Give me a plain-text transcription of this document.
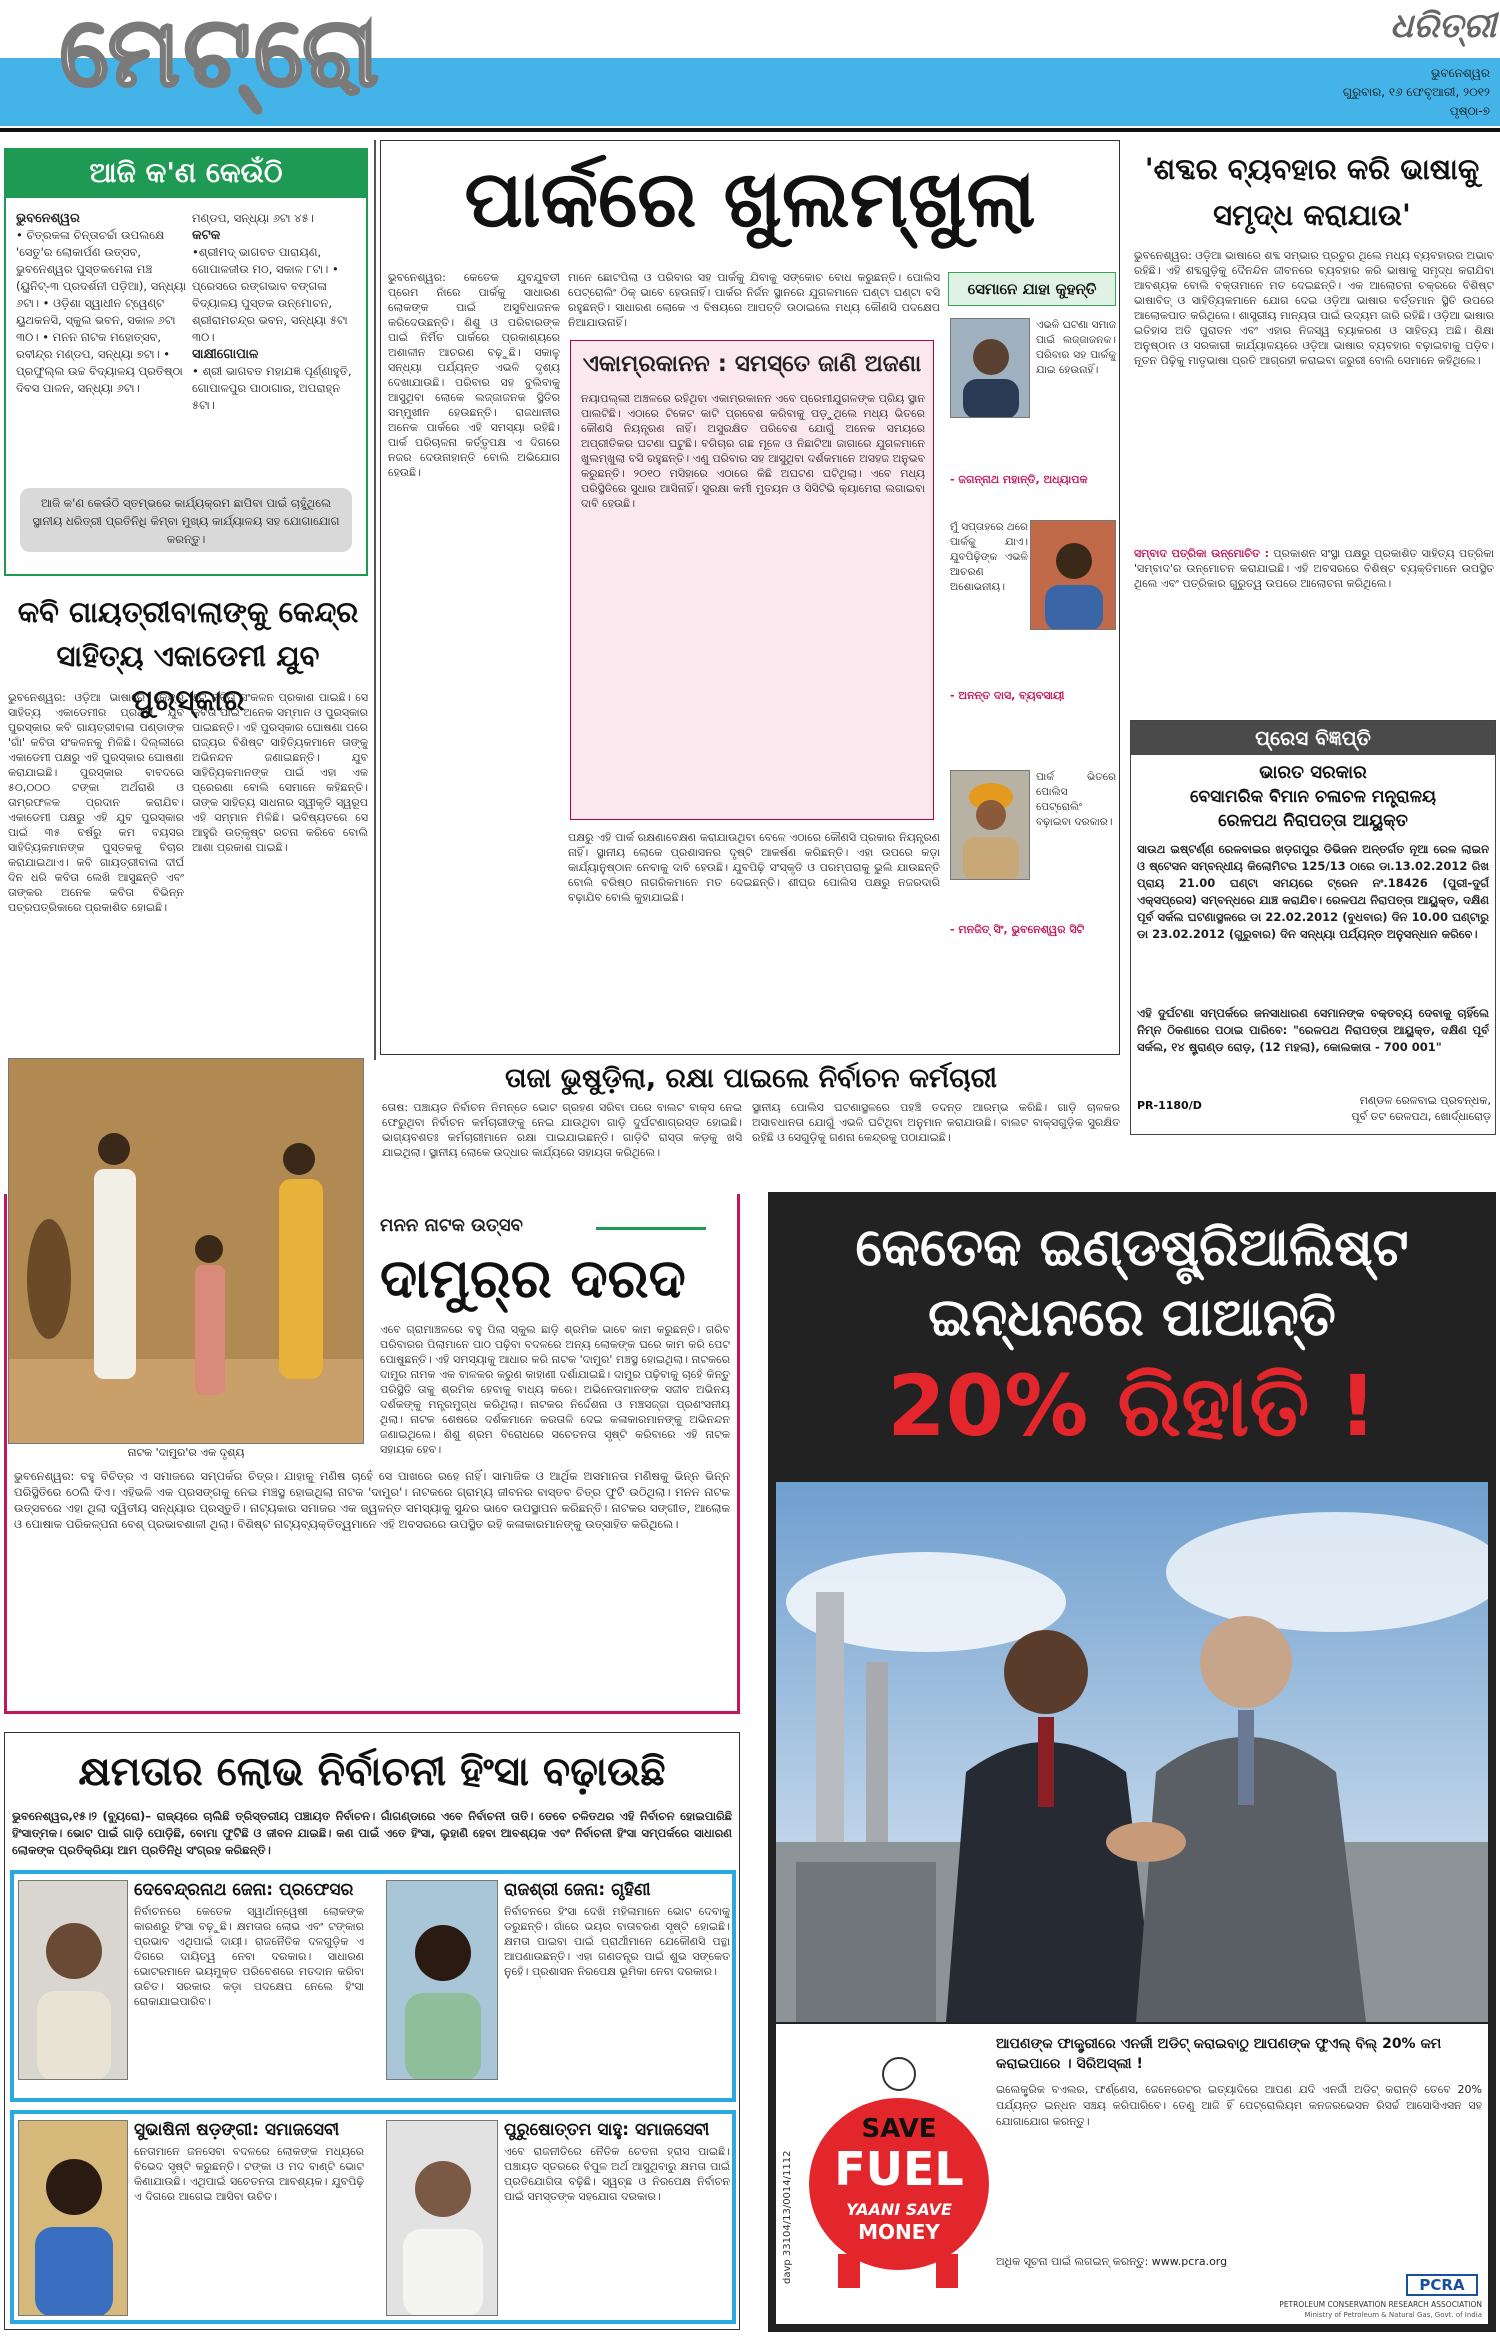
ମେଟ୍ରୋ	ଧରିତ୍ରୀ
ଭୁବନେଶ୍ୱର
ଗୁରୁବାର, ୧୬ ଫେବୃଆରୀ, ୨୦୧୨
ପୃଷ୍ଠା-୭
ଆଜି କ'ଣ କେଉଁଠି
ଭୁବନେଶ୍ୱର
• ଚିତ୍ରକଳା ଚିନ୍ତାଚର୍ଚ୍ଚା ଉପଲକ୍ଷେ 'ସେତୁ'ର ଲୋକାର୍ପଣ ଉତ୍ସବ, ଭୁବନେଶ୍ୱର ପୁସ୍ତକମେଳା ମଞ୍ଚ (ୟୁନିଟ୍-୩ ପ୍ରଦର୍ଶନୀ ପଡ଼ିଆ), ସନ୍ଧ୍ୟା ୬ଟା। • ଓଡ଼ିଶା ସ୍ୱାଧୀନ ଟ୍ୱେଣ୍ଟ ୟୁଥକନସି, ସ୍କୁଲ ଭବନ, ସକାଳ ୬ଟା ୩୦। • ମନନ ନାଟକ ମହୋତ୍ସବ, ରବୀନ୍ଦ୍ର ମଣ୍ଡପ, ସନ୍ଧ୍ୟା ୭ଟା। • ପ୍ରଫୁଲ୍ଲ ଉଚ୍ଚ ବିଦ୍ୟାଳୟ ପ୍ରତିଷ୍ଠା ଦିବସ ପାଳନ, ସନ୍ଧ୍ୟା ୬ଟା।
ମଣ୍ଡପ, ସନ୍ଧ୍ୟା ୬ଟା ୪୫।
କଟକ
•ଶ୍ରୀମଦ୍ ଭାଗବତ ପାରାୟଣ, ଗୋପାଳଜୀଉ ମଠ, ସକାଳ ୮ଟା। • ପ୍ରେସରେ ରଙ୍ଗଭାବ ବଙ୍ଗଳା ବିଦ୍ୟାଳୟ ପୁସ୍ତକ ଉନ୍ମୋଚନ, ଶ୍ରୀରାମଚନ୍ଦ୍ର ଭବନ, ସନ୍ଧ୍ୟା ୫ଟା ୩୦।
ସାକ୍ଷୀଗୋପାଳ
• ଶ୍ରୀ ଭାଗବତ ମହାଯଜ୍ଞ ପୂର୍ଣ୍ଣାହୁତି, ଗୋପାଳପୁର ପାଠାଗାର, ଅପରାହ୍ନ ୫ଟା।
ଆଜି କ'ଣ କେଉଁଠି ସ୍ତମ୍ଭରେ କାର୍ଯ୍ୟକ୍ରମ ଛାପିବା ପାଇଁ ଚାହୁଁଥିଲେ ସ୍ଥାନୀୟ ଧରିତ୍ରୀ ପ୍ରତିନିଧି କିମ୍ବା ମୁଖ୍ୟ କାର୍ଯ୍ୟାଳୟ ସହ ଯୋଗାଯୋଗ କରନ୍ତୁ।
କବି ଗାୟତ୍ରୀବାଲାଙ୍କୁ କେନ୍ଦ୍ର ସାହିତ୍ୟ ଏକାଡେମୀ ଯୁବ ପୁରସ୍କାର
ଭୁବନେଶ୍ୱର: ଓଡ଼ିଆ ଭାଷାରେ କେନ୍ଦ୍ର ସାହିତ୍ୟ ଏକାଡେମୀର ପ୍ରଥମ ଯୁବ ପୁରସ୍କାର କବି ଗାୟତ୍ରୀବାଳା ପଣ୍ଡାଙ୍କ 'ଗାଁ' କବିତା ସଂକଳନକୁ ମିଳିଛି। ଦିଲ୍ଲୀରେ ଏକାଡେମୀ ପକ୍ଷରୁ ଏହି ପୁରସ୍କାର ଘୋଷଣା କରାଯାଇଛି। ପୁରସ୍କାର ବାବଦରେ ୫୦,୦୦୦ ଟଙ୍କା ଅର୍ଥରାଶି ଓ ତାମ୍ରଫଳକ ପ୍ରଦାନ କରାଯିବ। ଏକାଡେମୀ ପକ୍ଷରୁ ଏହି ଯୁବ ପୁରସ୍କାର ପାଇଁ ୩୫ ବର୍ଷରୁ କମ ବୟସର ସାହିତ୍ୟିକମାନଙ୍କ ପୁସ୍ତକକୁ ବିଚାର କରାଯାଇଥାଏ। କବି ଗାୟତ୍ରୀବାଳା ଦୀର୍ଘ ଦିନ ଧରି କବିତା ଲେଖି ଆସୁଛନ୍ତି ଏବଂ ତାଙ୍କର ଅନେକ କବିତା ବିଭିନ୍ନ ପତ୍ରପତ୍ରିକାରେ ପ୍ରକାଶିତ ହୋଇଛି।
୫ଟି କବିତା ସଂକଳନ ପ୍ରକାଶ ପାଇଛି। ସେ କବିତା ପାଇଁ ଅନେକ ସମ୍ମାନ ଓ ପୁରସ୍କାର ପାଇଛନ୍ତି। ଏହି ପୁରସ୍କାର ଘୋଷଣା ପରେ ରାଜ୍ୟର ବିଶିଷ୍ଟ ସାହିତ୍ୟିକମାନେ ତାଙ୍କୁ ଅଭିନନ୍ଦନ ଜଣାଇଛନ୍ତି। ଯୁବ ସାହିତ୍ୟିକମାନଙ୍କ ପାଇଁ ଏହା ଏକ ପ୍ରେରଣା ବୋଲି ସେମାନେ କହିଛନ୍ତି। ତାଙ୍କ ସାହିତ୍ୟ ସାଧନାର ସ୍ୱୀକୃତି ସ୍ୱରୂପ ଏହି ସମ୍ମାନ ମିଳିଛି। ଭବିଷ୍ୟତରେ ସେ ଆହୁରି ଉତ୍କୃଷ୍ଟ ରଚନା କରିବେ ବୋଲି ଆଶା ପ୍ରକାଶ ପାଇଛି।
ପାର୍କରେ ଖୁଲମ୍ଖୁଲା
ଭୁବନେଶ୍ୱର: କେତେକ ଯୁବଯୁବତୀ ପ୍ରେମ ନାଁରେ ପାର୍କକୁ ସାଧାରଣ ଲୋକଙ୍କ ପାଇଁ ଅସୁବିଧାଜନକ କରିଦେଉଛନ୍ତି। ଶିଶୁ ଓ ପରିବାରଙ୍କ ପାଇଁ ନିର୍ମିତ ପାର୍କରେ ପ୍ରକାଶ୍ୟରେ ଅଶାଳୀନ ଆଚରଣ ବଢ଼ୁଛି। ସକାଳୁ ସନ୍ଧ୍ୟା ପର୍ଯ୍ୟନ୍ତ ଏଭଳି ଦୃଶ୍ୟ ଦେଖାଯାଉଛି। ପରିବାର ସହ ବୁଲିବାକୁ ଆସୁଥିବା ଲୋକେ ଲଜ୍ଜାଜନକ ସ୍ଥିତିର ସମ୍ମୁଖୀନ ହେଉଛନ୍ତି। ରାଜଧାନୀର ଅନେକ ପାର୍କରେ ଏହି ସମସ୍ୟା ରହିଛି। ପାର୍କ ପରିଚାଳନା କର୍ତ୍ତୃପକ୍ଷ ଏ ଦିଗରେ ନଜର ଦେଉନାହାନ୍ତି ବୋଲି ଅଭିଯୋଗ ହେଉଛି।
ମାନେ ଛୋଟପିଲା ଓ ପରିବାର ସହ ପାର୍କକୁ ଯିବାକୁ ସଙ୍କୋଚ ବୋଧ କରୁଛନ୍ତି। ପୋଲିସ ପେଟ୍ରୋଲିଂ ଠିକ୍ ଭାବେ ହେଉନାହିଁ। ପାର୍କର ନିର୍ଜନ ସ୍ଥାନରେ ଯୁଗଳମାନେ ଘଣ୍ଟା ଘଣ୍ଟା ବସି ରହୁଛନ୍ତି। ସାଧାରଣ ଲୋକେ ଏ ବିଷୟରେ ଆପତ୍ତି ଉଠାଇଲେ ମଧ୍ୟ କୌଣସି ପଦକ୍ଷେପ ନିଆଯାଉନାହିଁ।
ଏକାମ୍ରକାନନ : ସମସ୍ତେ ଜାଣି ଅଜଣା
ନୟାପଲ୍ଲୀ ଅଞ୍ଚଳରେ ରହିଥିବା ଏକାମ୍ରକାନନ ଏବେ ପ୍ରେମୀଯୁଗଳଙ୍କ ପ୍ରିୟ ସ୍ଥାନ ପାଲଟିଛି। ଏଠାରେ ଟିକେଟ କାଟି ପ୍ରବେଶ କରିବାକୁ ପଡ଼ୁଥିଲେ ମଧ୍ୟ ଭିତରେ କୌଣସି ନିୟନ୍ତ୍ରଣ ନାହିଁ। ଅସୁରକ୍ଷିତ ପରିବେଶ ଯୋଗୁଁ ଅନେକ ସମୟରେ ଅପ୍ରୀତିକର ଘଟଣା ଘଟୁଛି। ବଗିଚାର ଗଛ ମୂଳେ ଓ ନିଛାଟିଆ ଜାଗାରେ ଯୁଗଳମାନେ ଖୁଲମ୍ଖୁଲା ବସି ରହୁଛନ୍ତି। ଏଣୁ ପରିବାର ସହ ଆସୁଥିବା ଦର୍ଶକମାନେ ଅସହଜ ଅନୁଭବ କରୁଛନ୍ତି। ୨୦୧୦ ମସିହାରେ ଏଠାରେ କିଛି ଅଘଟଣ ଘଟିଥିଲା। ଏବେ ମଧ୍ୟ ପରିସ୍ଥିତିରେ ସୁଧାର ଆସିନାହିଁ। ସୁରକ୍ଷା କର୍ମୀ ମୁତୟନ ଓ ସିସିଟିଭି କ୍ୟାମେରା ଲଗାଇବା ଦାବି ହେଉଛି।
ପକ୍ଷରୁ ଏହି ପାର୍କ ରକ୍ଷଣାବେକ୍ଷଣ କରାଯାଉଥିବା ବେଳେ ଏଠାରେ କୌଣସି ପ୍ରକାର ନିୟନ୍ତ୍ରଣ ନାହିଁ। ସ୍ଥାନୀୟ ଲୋକେ ପ୍ରଶାସନର ଦୃଷ୍ଟି ଆକର୍ଷଣ କରିଛନ୍ତି। ଏହା ଉପରେ କଡ଼ା କାର୍ଯ୍ୟାନୁଷ୍ଠାନ ନେବାକୁ ଦାବି ହେଉଛି। ଯୁବପିଢ଼ି ସଂସ୍କୃତି ଓ ପରମ୍ପରାକୁ ଭୁଲି ଯାଉଛନ୍ତି ବୋଲି ବରିଷ୍ଠ ନାଗରିକମାନେ ମତ ଦେଇଛନ୍ତି। ଶୀଘ୍ର ପୋଲିସ ପକ୍ଷରୁ ନଜରଦାରି ବଢ଼ାଯିବ ବୋଲି କୁହାଯାଇଛି।
ସେମାନେ ଯାହା କୁହନ୍ତି
ଏଭଳି ଘଟଣା ସମାଜ ପାଇଁ ଲଜ୍ଜାଜନକ। ପରିବାର ସହ ପାର୍କକୁ ଯାଇ ହେଉନାହିଁ।
- ଜଗନ୍ନାଥ ମହାନ୍ତି, ଅଧ୍ୟାପକ
ମୁଁ ସପ୍ତାହରେ ଥରେ ପାର୍କକୁ ଯାଏ। ଯୁବପିଢ଼ିଙ୍କ ଏଭଳି ଆଚରଣ ଅଶୋଭନୀୟ।
- ଅନନ୍ତ ଦାସ, ବ୍ୟବସାୟୀ
ପାର୍କ ଭିତରେ ପୋଲିସ ପେଟ୍ରୋଲିଂ ବଢ଼ାଇବା ଦରକାର।
- ମନଜିତ୍ ସିଂ, ଭୁବନେଶ୍ୱର ସିଟି
'ଶବ୍ଦର ବ୍ୟବହାର କରି ଭାଷାକୁ ସମୃଦ୍ଧ କରାଯାଉ'
ଭୁବନେଶ୍ୱର: ଓଡ଼ିଆ ଭାଷାରେ ଶବ୍ଦ ସମ୍ଭାର ପ୍ରଚୁର ଥିଲେ ମଧ୍ୟ ବ୍ୟବହାରର ଅଭାବ ରହିଛି। ଏହି ଶବ୍ଦଗୁଡ଼ିକୁ ଦୈନନ୍ଦିନ ଜୀବନରେ ବ୍ୟବହାର କରି ଭାଷାକୁ ସମୃଦ୍ଧ କରାଯିବା ଆବଶ୍ୟକ ବୋଲି ବକ୍ତାମାନେ ମତ ଦେଇଛନ୍ତି। ଏକ ଆଲୋଚନା ଚକ୍ରରେ ବିଶିଷ୍ଟ ଭାଷାବିତ୍ ଓ ସାହିତ୍ୟିକମାନେ ଯୋଗ ଦେଇ ଓଡ଼ିଆ ଭାଷାର ବର୍ତ୍ତମାନ ସ୍ଥିତି ଉପରେ ଆଲୋକପାତ କରିଥିଲେ। ଶାସ୍ତ୍ରୀୟ ମାନ୍ୟତା ପାଇଁ ଉଦ୍ୟମ ଜାରି ରହିଛି। ଓଡ଼ିଆ ଭାଷାର ଇତିହାସ ଅତି ପୁରାତନ ଏବଂ ଏହାର ନିଜସ୍ୱ ବ୍ୟାକରଣ ଓ ସାହିତ୍ୟ ଅଛି। ଶିକ୍ଷା ଅନୁଷ୍ଠାନ ଓ ସରକାରୀ କାର୍ଯ୍ୟାଳୟରେ ଓଡ଼ିଆ ଭାଷାର ବ୍ୟବହାର ବଢ଼ାଇବାକୁ ପଡ଼ିବ। ନୂତନ ପିଢ଼ିକୁ ମାତୃଭାଷା ପ୍ରତି ଆଗ୍ରହୀ କରାଇବା ଜରୁରୀ ବୋଲି ସେମାନେ କହିଥିଲେ।
ସମ୍ବାଦ ପତ୍ରିକା ଉନ୍ମୋଚିତ : ପ୍ରକାଶନ ସଂସ୍ଥା ପକ୍ଷରୁ ପ୍ରକାଶିତ ସାହିତ୍ୟ ପତ୍ରିକା 'ସମ୍ବାଦ'ର ଉନ୍ମୋଚନ କରାଯାଇଛି। ଏହି ଅବସରରେ ବିଶିଷ୍ଟ ବ୍ୟକ୍ତିମାନେ ଉପସ୍ଥିତ ଥିଲେ ଏବଂ ପତ୍ରିକାର ଗୁରୁତ୍ୱ ଉପରେ ଆଲୋଚନା କରିଥିଲେ।
ପ୍ରେସ ବିଜ୍ଞପ୍ତି
ଭାରତ ସରକାର
ବେସାମରିକ ବିମାନ ଚଳାଚଳ ମନ୍ତ୍ରାଳୟ
ରେଳପଥ ନିରାପତ୍ତା ଆୟୁକ୍ତ
ସାଉଥ ଇଷ୍ଟର୍ଣ୍ଣ ରେଳବାଇର ଖଡ଼ଗପୁର ଡିଭିଜନ ଅନ୍ତର୍ଗତ ନୂଆ ରେଳ ଲାଇନ ଓ ଷ୍ଟେସନ ସମ୍ବନ୍ଧୀୟ କିଲୋମିଟର 125/13 ଠାରେ ଡା.13.02.2012 ରିଖ ପ୍ରାୟ 21.00 ଘଣ୍ଟା ସମୟରେ ଟ୍ରେନ ନଂ.18426 (ପୁରୀ-ଦୁର୍ଗ ଏକ୍ସପ୍ରେସ) ସମ୍ବନ୍ଧରେ ଯାଞ୍ଚ କରାଯିବ। ରେଳପଥ ନିରାପତ୍ତା ଆୟୁକ୍ତ, ଦକ୍ଷିଣ ପୂର୍ବ ସର୍କଲ ଘଟଣାସ୍ଥଳରେ ଡା 22.02.2012 (ବୁଧବାର) ଦିନ 10.00 ଘଣ୍ଟାରୁ ଡା 23.02.2012 (ଗୁରୁବାର) ଦିନ ସନ୍ଧ୍ୟା ପର୍ଯ୍ୟନ୍ତ ଅନୁସନ୍ଧାନ କରିବେ।
ଏହି ଦୁର୍ଘଟଣା ସମ୍ପର୍କରେ ଜନସାଧାରଣ ସେମାନଙ୍କ ବକ୍ତବ୍ୟ ଦେବାକୁ ଚାହିଁଲେ ନିମ୍ନ ଠିକଣାରେ ପଠାଇ ପାରିବେ: "ରେଳପଥ ନିରାପତ୍ତା ଆୟୁକ୍ତ, ଦକ୍ଷିଣ ପୂର୍ବ ସର୍କଲ, ୧୪ ଷ୍ଟ୍ରାଣ୍ଡ ରୋଡ଼, (12 ମହଲା), କୋଲକାତା - 700 001"
PR-1180/D	ମଣ୍ଡଳ ରେଳବାଇ ପ୍ରବନ୍ଧକ,
ପୂର୍ବ ତଟ ରେଳପଥ, ଖୋର୍ଦ୍ଧାରୋଡ଼
ତାଜା ଭୁଷୁଡ଼ିଲା, ରକ୍ଷା ପାଇଲେ ନିର୍ବାଚନ କର୍ମଚାରୀ
ତୋଷ: ପଞ୍ଚାୟତ ନିର୍ବାଚନ ନିମନ୍ତେ ଭୋଟ ଗ୍ରହଣ ସରିବା ପରେ ବାଲଟ ବାକ୍ସ ନେଇ ଫେରୁଥିବା ନିର୍ବାଚନ କର୍ମଚାରୀଙ୍କୁ ନେଇ ଯାଉଥିବା ଗାଡ଼ି ଦୁର୍ଘଟଣାଗ୍ରସ୍ତ ହୋଇଛି। ଭାଗ୍ୟବଶତଃ କର୍ମଚାରୀମାନେ ରକ୍ଷା ପାଇଯାଇଛନ୍ତି। ଗାଡ଼ିଟି ରାସ୍ତା କଡ଼କୁ ଖସି ଯାଇଥିଲା। ସ୍ଥାନୀୟ ଲୋକେ ଉଦ୍ଧାର କାର୍ଯ୍ୟରେ ସହାୟତା କରିଥିଲେ।
ସ୍ଥାନୀୟ ପୋଲିସ ଘଟଣାସ୍ଥଳରେ ପହଞ୍ଚି ତଦନ୍ତ ଆରମ୍ଭ କରିଛି। ଗାଡ଼ି ଚାଳକର ଅସାବଧାନତା ଯୋଗୁଁ ଏଭଳି ଘଟିଥିବା ଅନୁମାନ କରାଯାଉଛି। ବାଲଟ ବାକ୍ସଗୁଡ଼ିକ ସୁରକ୍ଷିତ ରହିଛି ଓ ସେଗୁଡ଼ିକୁ ଗଣନା କେନ୍ଦ୍ରକୁ ପଠାଯାଇଛି।
ନାଟକ 'ଦାମୁର'ର ଏକ ଦୃଶ୍ୟ
ମନନ ନାଟକ ଉତ୍ସବ
ଦାମୁର୍‌ର ଦରଦ
ଏବେ ଗ୍ରାମାଞ୍ଚଳରେ ବହୁ ପିଲା ସ୍କୁଲ ଛାଡ଼ି ଶ୍ରମିକ ଭାବେ କାମ କରୁଛନ୍ତି। ଗରିବ ପରିବାରର ପିଲାମାନେ ପାଠ ପଢ଼ିବା ବଦଳରେ ଅନ୍ୟ ଲୋକଙ୍କ ଘରେ କାମ କରି ପେଟ ପୋଷୁଛନ୍ତି। ଏହି ସମସ୍ୟାକୁ ଆଧାର କରି ନାଟକ 'ଦାମୁର' ମଞ୍ଚସ୍ଥ ହୋଇଥିଲା। ନାଟକରେ ଦାମୁର ନାମକ ଏକ ବାଳକର କରୁଣ କାହାଣୀ ଦର୍ଶାଯାଇଛି। ଦାମୁର ପଢ଼ିବାକୁ ଚାହେଁ କିନ୍ତୁ ପରିସ୍ଥିତି ତାକୁ ଶ୍ରମିକ ହେବାକୁ ବାଧ୍ୟ କରେ। ଅଭିନେତାମାନଙ୍କ ସଜୀବ ଅଭିନୟ ଦର୍ଶକଙ୍କୁ ମନ୍ତ୍ରମୁଗ୍ଧ କରିଥିଲା। ନାଟକର ନିର୍ଦ୍ଦେଶନା ଓ ମଞ୍ଚସଜ୍ଜା ପ୍ରଶଂସନୀୟ ଥିଲା। ନାଟକ ଶେଷରେ ଦର୍ଶକମାନେ କରତାଳି ଦେଇ କଳାକାରମାନଙ୍କୁ ଅଭିନନ୍ଦନ ଜଣାଇଥିଲେ। ଶିଶୁ ଶ୍ରମ ବିରୋଧରେ ସଚେତନତା ସୃଷ୍ଟି କରିବାରେ ଏହି ନାଟକ ସହାୟକ ହେବ।
ଭୁବନେଶ୍ୱର: ବହୁ ବିଚିତ୍ର ଏ ସମାଜରେ ସମ୍ପର୍କର ଚିତ୍ର। ଯାହାକୁ ମଣିଷ ଚାହେଁ ସେ ପାଖରେ ରହେ ନାହିଁ। ସାମାଜିକ ଓ ଆର୍ଥିକ ଅସମାନତା ମଣିଷକୁ ଭିନ୍ନ ଭିନ୍ନ ପରିସ୍ଥିତିରେ ଠେଲି ଦିଏ। ଏହିଭଳି ଏକ ପ୍ରସଙ୍ଗକୁ ନେଇ ମଞ୍ଚସ୍ଥ ହୋଇଥିଲା ନାଟକ 'ଦାମୁର'। ନାଟକରେ ଗ୍ରାମ୍ୟ ଜୀବନର ବାସ୍ତବ ଚିତ୍ର ଫୁଟି ଉଠିଥିଲା। ମନନ ନାଟକ ଉତ୍ସବରେ ଏହା ଥିଲା ଦ୍ୱିତୀୟ ସନ୍ଧ୍ୟାର ପ୍ରସ୍ତୁତି। ନାଟ୍ୟକାର ସମାଜର ଏକ ଜ୍ୱଳନ୍ତ ସମସ୍ୟାକୁ ସୁନ୍ଦର ଭାବେ ଉପସ୍ଥାପନ କରିଛନ୍ତି। ନାଟକର ସଙ୍ଗୀତ, ଆଲୋକ ଓ ପୋଷାକ ପରିକଳ୍ପନା ବେଶ୍ ପ୍ରଭାବଶାଳୀ ଥିଲା। ବିଶିଷ୍ଟ ନାଟ୍ୟବ୍ୟକ୍ତିତ୍ୱମାନେ ଏହି ଅବସରରେ ଉପସ୍ଥିତ ରହି କଳାକାରମାନଙ୍କୁ ଉତ୍ସାହିତ କରିଥିଲେ।
କ୍ଷମତାର ଲୋଭ ନିର୍ବାଚନୀ ହିଂସା ବଢ଼ାଉଛି
ଭୁବନେଶ୍ୱର,୧୫।୨ (ବ୍ୟୁରୋ)– ରାଜ୍ୟରେ ଚାଲିଛି ତ୍ରିସ୍ତରୀୟ ପଞ୍ଚାୟତ ନିର୍ବାଚନ। ଗାଁଗଣ୍ଡାରେ ଏବେ ନିର୍ବାଚନୀ ତାତି। ତେବେ ଚଳିତଥର ଏହି ନିର୍ବାଚନ ହୋଇପାରିଛି ହିଂସାତ୍ମକ। ଭୋଟ ପାଇଁ ଗାଡ଼ି ପୋଡ଼ିଛି, ବୋମା ଫୁଟିଛି ଓ ଜୀବନ ଯାଇଛି। କଣ ପାଇଁ ଏତେ ହିଂସା, ଲୁହାଣି ହେବା ଆବଶ୍ୟକ ଏବଂ ନିର୍ବାଚନୀ ହିଂସା ସମ୍ପର୍କରେ ସାଧାରଣ ଲୋକଙ୍କ ପ୍ରତିକ୍ରିୟା ଆମ ପ୍ରତିନିଧି ସଂଗ୍ରହ କରିଛନ୍ତି।
ଦେବେନ୍ଦ୍ରନାଥ ଜେନା: ପ୍ରଫେସର
ନିର୍ବାଚନରେ କେତେକ ସ୍ୱାର୍ଥାନ୍ୱେଷୀ ଲୋକଙ୍କ କାରଣରୁ ହିଂସା ବଢ଼ୁଛି। କ୍ଷମତାର ଲୋଭ ଏବଂ ଟଙ୍କାର ପ୍ରଭାବ ଏଥିପାଇଁ ଦାୟୀ। ରାଜନୈତିକ ଦଳଗୁଡ଼ିକ ଏ ଦିଗରେ ଦାୟିତ୍ୱ ନେବା ଦରକାର। ସାଧାରଣ ଭୋଟରମାନେ ଭୟମୁକ୍ତ ପରିବେଶରେ ମତଦାନ କରିବା ଉଚିତ। ସରକାର କଡ଼ା ପଦକ୍ଷେପ ନେଲେ ହିଂସା ରୋକାଯାଇପାରିବ।
ରାଜଶ୍ରୀ ଜେନା: ଗୃହିଣୀ
ନିର୍ବାଚନରେ ହିଂସା ଦେଖି ମହିଳାମାନେ ଭୋଟ ଦେବାକୁ ଡରୁଛନ୍ତି। ଗାଁରେ ଭୟର ବାତାବରଣ ସୃଷ୍ଟି ହୋଇଛି। କ୍ଷମତା ପାଇବା ପାଇଁ ପ୍ରାର୍ଥୀମାନେ ଯେକୌଣସି ପନ୍ଥା ଆପଣାଉଛନ୍ତି। ଏହା ଗଣତନ୍ତ୍ର ପାଇଁ ଶୁଭ ସଙ୍କେତ ନୁହେଁ। ପ୍ରଶାସନ ନିରପେକ୍ଷ ଭୂମିକା ନେବା ଦରକାର।
ସୁଭାଷିନୀ ଷଡ଼ଙ୍ଗୀ: ସମାଜସେବୀ
ନେତାମାନେ ଜନସେବା ବଦଳରେ ଲୋକଙ୍କ ମଧ୍ୟରେ ବିଭେଦ ସୃଷ୍ଟି କରୁଛନ୍ତି। ଟଙ୍କା ଓ ମଦ ବାଣ୍ଟି ଭୋଟ କିଣାଯାଉଛି। ଏଥିପାଇଁ ସଚେତନତା ଆବଶ୍ୟକ। ଯୁବପିଢ଼ି ଏ ଦିଗରେ ଆଗେଇ ଆସିବା ଉଚିତ।
ପୁରୁଷୋତ୍ତମ ସାହୁ: ସମାଜସେବୀ
ଏବେ ରାଜନୀତିରେ ନୈତିକ ଚେତନା ହ୍ରାସ ପାଇଛି। ପଞ୍ଚାୟତ ସ୍ତରରେ ବିପୁଳ ଅର୍ଥ ଆସୁଥିବାରୁ କ୍ଷମତା ପାଇଁ ପ୍ରତିଯୋଗିତା ବଢ଼ିଛି। ସ୍ୱଚ୍ଛ ଓ ନିରପେକ୍ଷ ନିର୍ବାଚନ ପାଇଁ ସମସ୍ତଙ୍କ ସହଯୋଗ ଦରକାର।
କେତେକ ଇଣ୍ଡଷ୍ଟ୍ରିଆଲିଷ୍ଟ
ଇନ୍ଧନରେ ପାଆନ୍ତି
20% ରିହାତି !
ଆପଣଙ୍କ ଫାକ୍ଟ୍ରୀରେ ଏନର୍ଜୀ ଅଡିଟ୍ କରାଇବାଠୁ ଆପଣଙ୍କ ଫୁଏଲ୍ ବିଲ୍ 20% କମ କରାଇପାରେ । ସିରିଅସ୍ଲୀ !
ଇଲେକ୍ଟ୍ରିକ ବଏଲର, ଫର୍ଣ୍ଣେସ, ଜେନେରେଟର ଇତ୍ୟାଦିରେ ଆପଣ ଯଦି ଏନର୍ଜୀ ଅଡିଟ୍ କରାନ୍ତି ତେବେ 20% ପର୍ଯ୍ୟନ୍ତ ଇନ୍ଧନ ସଞ୍ଚୟ କରିପାରିବେ। ତେଣୁ ଆଜି ହିଁ ପେଟ୍ରୋଲିୟମ କନଜରଭେସନ ରିସର୍ଚ୍ଚ ଆସୋସିଏସନ ସହ ଯୋଗାଯୋଗ କରନ୍ତୁ।
ଅଧିକ ସୂଚନା ପାଇଁ ଲଗଇନ୍ କରନ୍ତୁ: www.pcra.org
davp 33104/13/0014/1112
SAVE
FUEL
YAANI SAVE
MONEY
PCRA
PETROLEUM CONSERVATION RESEARCH ASSOCIATION
Ministry of Petroleum & Natural Gas, Govt. of India
